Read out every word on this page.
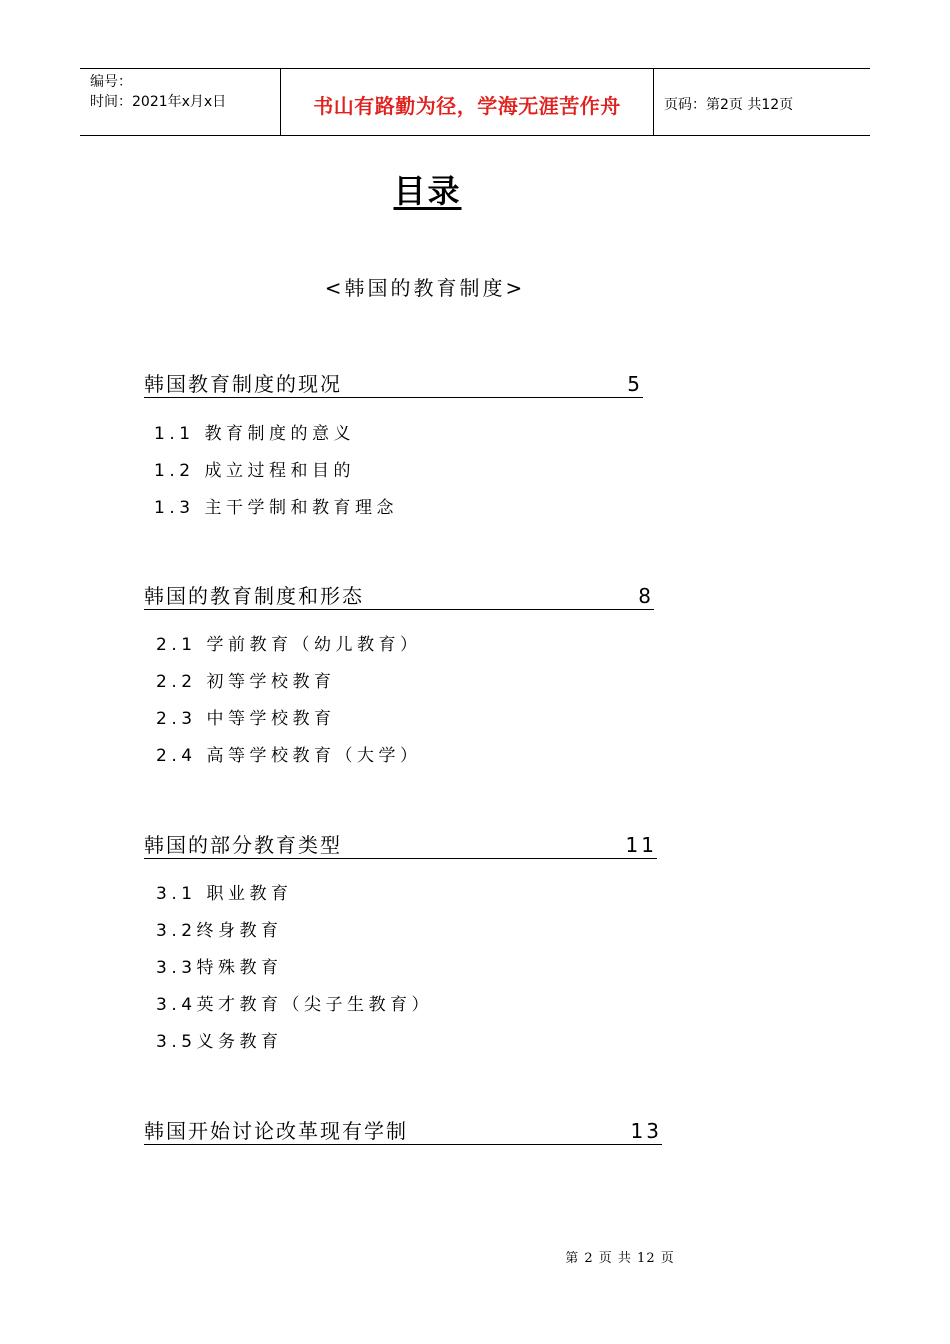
编号：
时间：2021年x月x日	书山有路勤为径，学海无涯苦作舟	页码：第2页 共12页
目录
<韩国的教育制度>
韩国教育制度的现况	5
1.1 教育制度的意义
1.2 成立过程和目的
1.3 主干学制和教育理念
韩国的教育制度和形态	8
2.1 学前教育（幼儿教育）
2.2 初等学校教育
2.3 中等学校教育
2.4 高等学校教育（大学）
韩国的部分教育类型	11
3.1 职业教育
3.2终身教育
3.3特殊教育
3.4英才教育（尖子生教育）
3.5义务教育
韩国开始讨论改革现有学制	13
第 2 页 共 12 页
